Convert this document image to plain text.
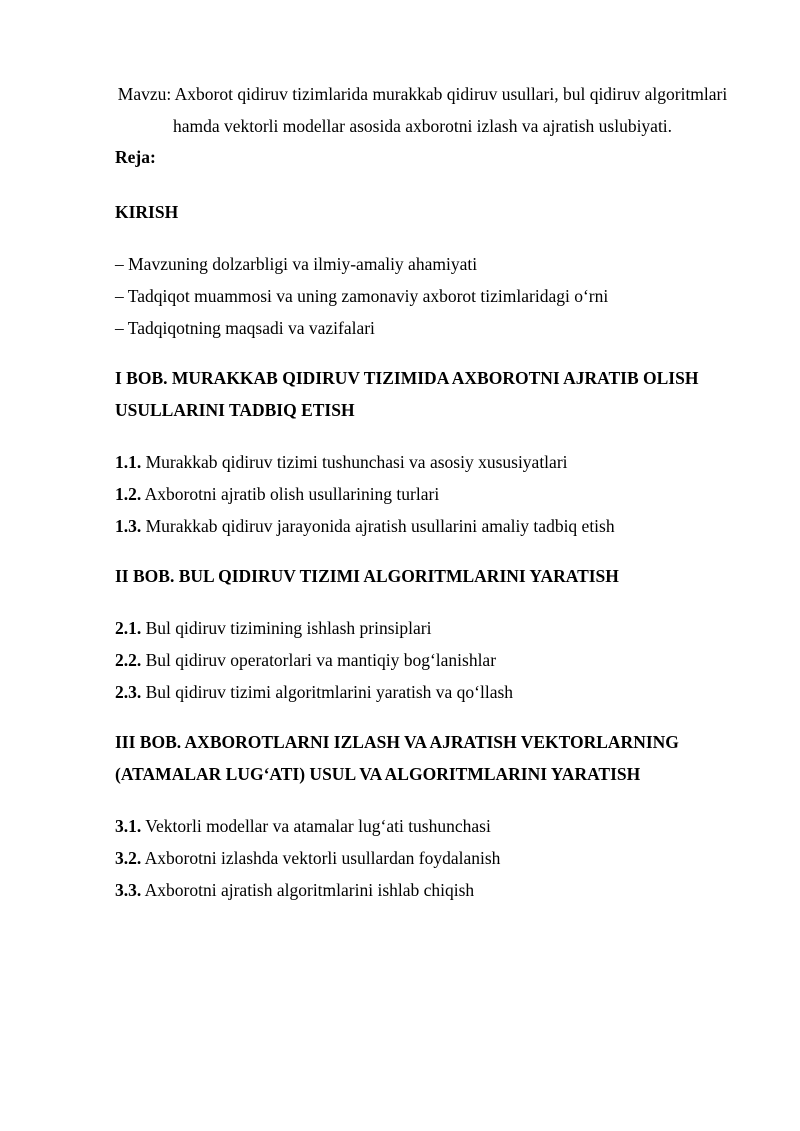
Mavzu: Axborot qidiruv tizimlarida murakkab qidiruv usullari, bul qidiruv algoritmlari hamda vektorli modellar asosida axborotni izlash va ajratish uslubiyati.

Reja:

KIRISH

– Mavzuning dolzarbligi va ilmiy-amaliy ahamiyati
– Tadqiqot muammosi va uning zamonaviy axborot tizimlaridagi o‘rni
– Tadqiqotning maqsadi va vazifalari

I BOB. MURAKKAB QIDIRUV TIZIMIDA AXBOROTNI AJRATIB OLISH USULLARINI TADBIQ ETISH

1.1. Murakkab qidiruv tizimi tushunchasi va asosiy xususiyatlari
1.2. Axborotni ajratib olish usullarining turlari
1.3. Murakkab qidiruv jarayonida ajratish usullarini amaliy tadbiq etish

II BOB. BUL QIDIRUV TIZIMI ALGORITMLARINI YARATISH

2.1. Bul qidiruv tizimining ishlash prinsiplari
2.2. Bul qidiruv operatorlari va mantiqiy bog‘lanishlar
2.3. Bul qidiruv tizimi algoritmlarini yaratish va qo‘llash

III BOB. AXBOROTLARNI IZLASH VA AJRATISH VEKTORLARNING (ATAMALAR LUG‘ATI) USUL VA ALGORITMLARINI YARATISH

3.1. Vektorli modellar va atamalar lug‘ati tushunchasi
3.2. Axborotni izlashda vektorli usullardan foydalanish
3.3. Axborotni ajratish algoritmlarini ishlab chiqish
